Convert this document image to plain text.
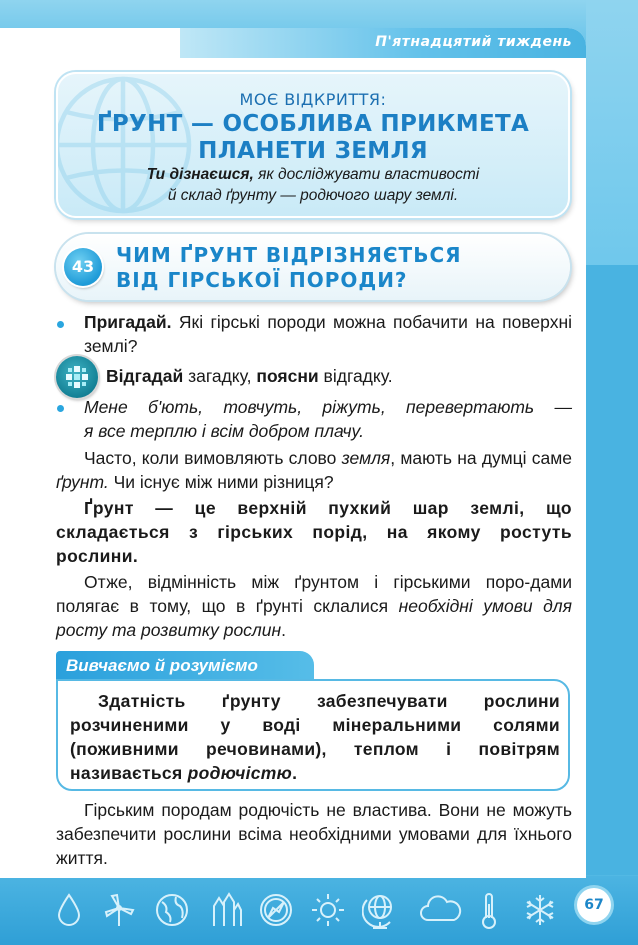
П'ятнадцятий тиждень
МОЄ ВІДКРИТТЯ:
ҐРУНТ — ОСОБЛИВА ПРИКМЕТА
ПЛАНЕТИ ЗЕМЛЯ
Ти дізнаєшся, як досліджувати властивості
й склад ґрунту — родючого шару землі.
43	ЧИМ ҐРУНТ ВІДРІЗНЯЄТЬСЯ
ВІД ГІРСЬКОЇ ПОРОДИ?
Пригадай. Які гірські породи можна побачити на поверхні землі?
Відгадай загадку, поясни відгадку.
Мене б'ють, товчуть, ріжуть, перевертають —
я все терплю і всім добром плачу.
Часто, коли вимовляють слово земля, мають на думці саме ґрунт. Чи існує між ними різниця?
Ґрунт — це верхній пухкий шар землі, що складається з гірських порід, на якому ростуть рослини.
Отже, відмінність між ґрунтом і гірськими поро-дами полягає в тому, що в ґрунті склалися необхідні умови для росту та розвитку рослин.
Вивчаємо й розуміємо
Здатність ґрунту забезпечувати рослини розчиненими у воді мінеральними солями (поживними речовинами), теплом і повітрям називається родючістю.
Гірським породам родючість не властива. Вони не можуть забезпечити рослини всіма необхідними умовами для їхнього життя.
67
